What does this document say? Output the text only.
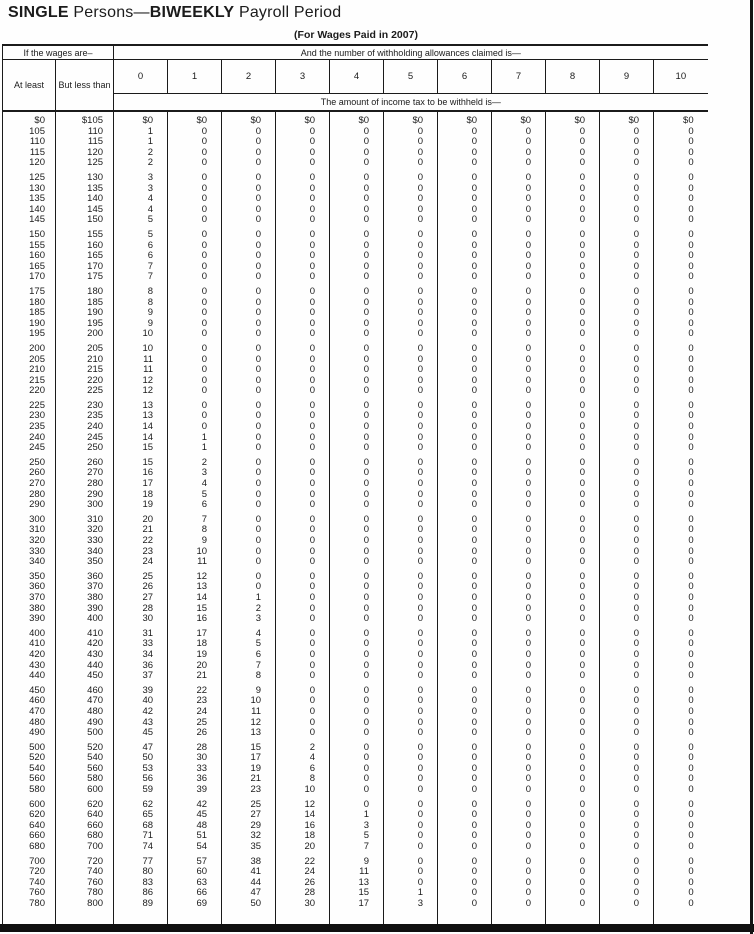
SINGLE Persons—BIWEEKLY Payroll Period
(For Wages Paid in 2007)
If the wages are–		And the number of withholding allowances claimed is—										
At least	But less than	0	1	2	3	4	5	6	7	8	9	10
		The amount of income tax to be withheld is—										
$0	$105	$0	$0	$0	$0	$0	$0	$0	$0	$0	$0	$0
105	110	1	0	0	0	0	0	0	0	0	0	0
110	115	1	0	0	0	0	0	0	0	0	0	0
115	120	2	0	0	0	0	0	0	0	0	0	0
120	125	2	0	0	0	0	0	0	0	0	0	0
125	130	3	0	0	0	0	0	0	0	0	0	0
130	135	3	0	0	0	0	0	0	0	0	0	0
135	140	4	0	0	0	0	0	0	0	0	0	0
140	145	4	0	0	0	0	0	0	0	0	0	0
145	150	5	0	0	0	0	0	0	0	0	0	0
150	155	5	0	0	0	0	0	0	0	0	0	0
155	160	6	0	0	0	0	0	0	0	0	0	0
160	165	6	0	0	0	0	0	0	0	0	0	0
165	170	7	0	0	0	0	0	0	0	0	0	0
170	175	7	0	0	0	0	0	0	0	0	0	0
175	180	8	0	0	0	0	0	0	0	0	0	0
180	185	8	0	0	0	0	0	0	0	0	0	0
185	190	9	0	0	0	0	0	0	0	0	0	0
190	195	9	0	0	0	0	0	0	0	0	0	0
195	200	10	0	0	0	0	0	0	0	0	0	0
200	205	10	0	0	0	0	0	0	0	0	0	0
205	210	11	0	0	0	0	0	0	0	0	0	0
210	215	11	0	0	0	0	0	0	0	0	0	0
215	220	12	0	0	0	0	0	0	0	0	0	0
220	225	12	0	0	0	0	0	0	0	0	0	0
225	230	13	0	0	0	0	0	0	0	0	0	0
230	235	13	0	0	0	0	0	0	0	0	0	0
235	240	14	0	0	0	0	0	0	0	0	0	0
240	245	14	1	0	0	0	0	0	0	0	0	0
245	250	15	1	0	0	0	0	0	0	0	0	0
250	260	15	2	0	0	0	0	0	0	0	0	0
260	270	16	3	0	0	0	0	0	0	0	0	0
270	280	17	4	0	0	0	0	0	0	0	0	0
280	290	18	5	0	0	0	0	0	0	0	0	0
290	300	19	6	0	0	0	0	0	0	0	0	0
300	310	20	7	0	0	0	0	0	0	0	0	0
310	320	21	8	0	0	0	0	0	0	0	0	0
320	330	22	9	0	0	0	0	0	0	0	0	0
330	340	23	10	0	0	0	0	0	0	0	0	0
340	350	24	11	0	0	0	0	0	0	0	0	0
350	360	25	12	0	0	0	0	0	0	0	0	0
360	370	26	13	0	0	0	0	0	0	0	0	0
370	380	27	14	1	0	0	0	0	0	0	0	0
380	390	28	15	2	0	0	0	0	0	0	0	0
390	400	30	16	3	0	0	0	0	0	0	0	0
400	410	31	17	4	0	0	0	0	0	0	0	0
410	420	33	18	5	0	0	0	0	0	0	0	0
420	430	34	19	6	0	0	0	0	0	0	0	0
430	440	36	20	7	0	0	0	0	0	0	0	0
440	450	37	21	8	0	0	0	0	0	0	0	0
450	460	39	22	9	0	0	0	0	0	0	0	0
460	470	40	23	10	0	0	0	0	0	0	0	0
470	480	42	24	11	0	0	0	0	0	0	0	0
480	490	43	25	12	0	0	0	0	0	0	0	0
490	500	45	26	13	0	0	0	0	0	0	0	0
500	520	47	28	15	2	0	0	0	0	0	0	0
520	540	50	30	17	4	0	0	0	0	0	0	0
540	560	53	33	19	6	0	0	0	0	0	0	0
560	580	56	36	21	8	0	0	0	0	0	0	0
580	600	59	39	23	10	0	0	0	0	0	0	0
600	620	62	42	25	12	0	0	0	0	0	0	0
620	640	65	45	27	14	1	0	0	0	0	0	0
640	660	68	48	29	16	3	0	0	0	0	0	0
660	680	71	51	32	18	5	0	0	0	0	0	0
680	700	74	54	35	20	7	0	0	0	0	0	0
700	720	77	57	38	22	9	0	0	0	0	0	0
720	740	80	60	41	24	11	0	0	0	0	0	0
740	760	83	63	44	26	13	0	0	0	0	0	0
760	780	86	66	47	28	15	1	0	0	0	0	0
780	800	89	69	50	30	17	3	0	0	0	0	0
